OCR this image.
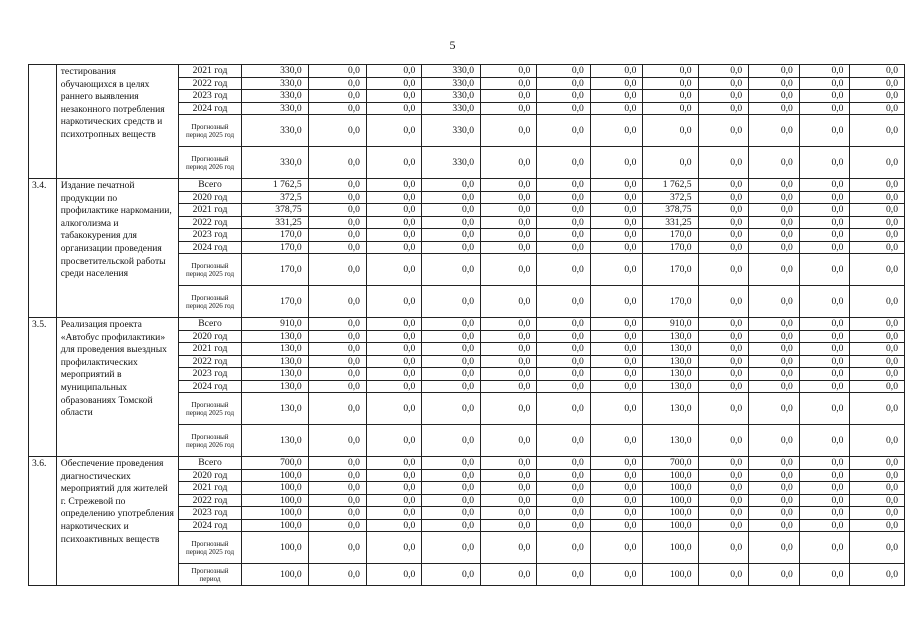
5
	тестирования обучающихся в целях раннего выявления незаконного потребления наркотических средств и психотропных веществ	2021 год	330,0	0,0	0,0	330,0	0,0	0,0	0,0	0,0	0,0	0,0	0,0	0,0
		2022 год	330,0	0,0	0,0	330,0	0,0	0,0	0,0	0,0	0,0	0,0	0,0	0,0
		2023 год	330,0	0,0	0,0	330,0	0,0	0,0	0,0	0,0	0,0	0,0	0,0	0,0
		2024 год	330,0	0,0	0,0	330,0	0,0	0,0	0,0	0,0	0,0	0,0	0,0	0,0
		Прогнозный период 2025 год	330,0	0,0	0,0	330,0	0,0	0,0	0,0	0,0	0,0	0,0	0,0	0,0
		Прогнозный период 2026 год	330,0	0,0	0,0	330,0	0,0	0,0	0,0	0,0	0,0	0,0	0,0	0,0
3.4.	Издание печатной продукции по профилактике наркомании, алкоголизма и табакокурения для организации проведения просветительской работы среди населения	Всего	1 762,5	0,0	0,0	0,0	0,0	0,0	0,0	1 762,5	0,0	0,0	0,0	0,0
		2020 год	372,5	0,0	0,0	0,0	0,0	0,0	0,0	372,5	0,0	0,0	0,0	0,0
		2021 год	378,75	0,0	0,0	0,0	0,0	0,0	0,0	378,75	0,0	0,0	0,0	0,0
		2022 год	331,25	0,0	0,0	0,0	0,0	0,0	0,0	331,25	0,0	0,0	0,0	0,0
		2023 год	170,0	0,0	0,0	0,0	0,0	0,0	0,0	170,0	0,0	0,0	0,0	0,0
		2024 год	170,0	0,0	0,0	0,0	0,0	0,0	0,0	170,0	0,0	0,0	0,0	0,0
		Прогнозный период 2025 год	170,0	0,0	0,0	0,0	0,0	0,0	0,0	170,0	0,0	0,0	0,0	0,0
		Прогнозный период 2026 год	170,0	0,0	0,0	0,0	0,0	0,0	0,0	170,0	0,0	0,0	0,0	0,0
3.5.	Реализация проекта «Автобус профилактики» для проведения выездных профилактических мероприятий в муниципальных образованиях Томской области	Всего	910,0	0,0	0,0	0,0	0,0	0,0	0,0	910,0	0,0	0,0	0,0	0,0
		2020 год	130,0	0,0	0,0	0,0	0,0	0,0	0,0	130,0	0,0	0,0	0,0	0,0
		2021 год	130,0	0,0	0,0	0,0	0,0	0,0	0,0	130,0	0,0	0,0	0,0	0,0
		2022 год	130,0	0,0	0,0	0,0	0,0	0,0	0,0	130,0	0,0	0,0	0,0	0,0
		2023 год	130,0	0,0	0,0	0,0	0,0	0,0	0,0	130,0	0,0	0,0	0,0	0,0
		2024 год	130,0	0,0	0,0	0,0	0,0	0,0	0,0	130,0	0,0	0,0	0,0	0,0
		Прогнозный период 2025 год	130,0	0,0	0,0	0,0	0,0	0,0	0,0	130,0	0,0	0,0	0,0	0,0
		Прогнозный период 2026 год	130,0	0,0	0,0	0,0	0,0	0,0	0,0	130,0	0,0	0,0	0,0	0,0
3.6.	Обеспечение проведения диагностических мероприятий для жителей г. Стрежевой по определению употребления наркотических и психоактивных веществ	Всего	700,0	0,0	0,0	0,0	0,0	0,0	0,0	700,0	0,0	0,0	0,0	0,0
		2020 год	100,0	0,0	0,0	0,0	0,0	0,0	0,0	100,0	0,0	0,0	0,0	0,0
		2021 год	100,0	0,0	0,0	0,0	0,0	0,0	0,0	100,0	0,0	0,0	0,0	0,0
		2022 год	100,0	0,0	0,0	0,0	0,0	0,0	0,0	100,0	0,0	0,0	0,0	0,0
		2023 год	100,0	0,0	0,0	0,0	0,0	0,0	0,0	100,0	0,0	0,0	0,0	0,0
		2024 год	100,0	0,0	0,0	0,0	0,0	0,0	0,0	100,0	0,0	0,0	0,0	0,0
		Прогнозный период 2025 год	100,0	0,0	0,0	0,0	0,0	0,0	0,0	100,0	0,0	0,0	0,0	0,0
		Прогнозный период	100,0	0,0	0,0	0,0	0,0	0,0	0,0	100,0	0,0	0,0	0,0	0,0
